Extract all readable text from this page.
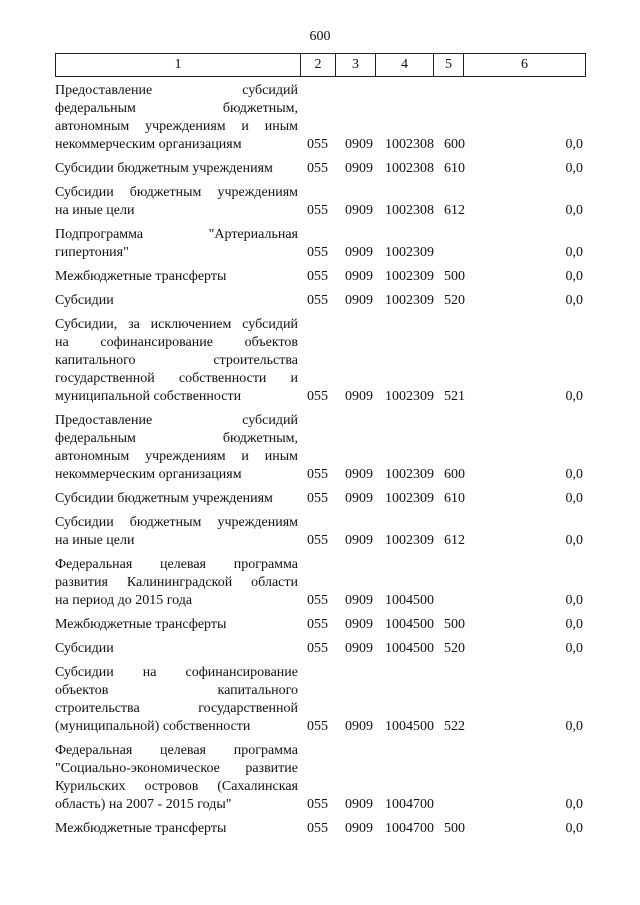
600
1	2	3	4	5	6
Предоставление субсидий
федеральным бюджетным,
автономным учреждениям и иным
некоммерческим организациям	055 0909 1002308 600	0,0
Субсидии бюджетным учреждениям	055 0909 1002308 610	0,0
Субсидии бюджетным учреждениям
на иные цели	055 0909 1002308 612	0,0
Подпрограмма "Артериальная
гипертония"	055 0909 1002309	0,0
Межбюджетные трансферты	055 0909 1002309 500	0,0
Субсидии	055 0909 1002309 520	0,0
Субсидии, за исключением субсидий
на софинансирование объектов
капитального строительства
государственной собственности и
муниципальной собственности	055 0909 1002309 521	0,0
Предоставление субсидий
федеральным бюджетным,
автономным учреждениям и иным
некоммерческим организациям	055 0909 1002309 600	0,0
Субсидии бюджетным учреждениям	055 0909 1002309 610	0,0
Субсидии бюджетным учреждениям
на иные цели	055 0909 1002309 612	0,0
Федеральная целевая программа
развития Калининградской области
на период до 2015 года	055 0909 1004500	0,0
Межбюджетные трансферты	055 0909 1004500 500	0,0
Субсидии	055 0909 1004500 520	0,0
Субсидии на софинансирование
объектов капитального
строительства государственной
(муниципальной) собственности	055 0909 1004500 522	0,0
Федеральная целевая программа
"Социально-экономическое развитие
Курильских островов (Сахалинская
область) на 2007 - 2015 годы"	055 0909 1004700	0,0
Межбюджетные трансферты	055 0909 1004700 500	0,0
